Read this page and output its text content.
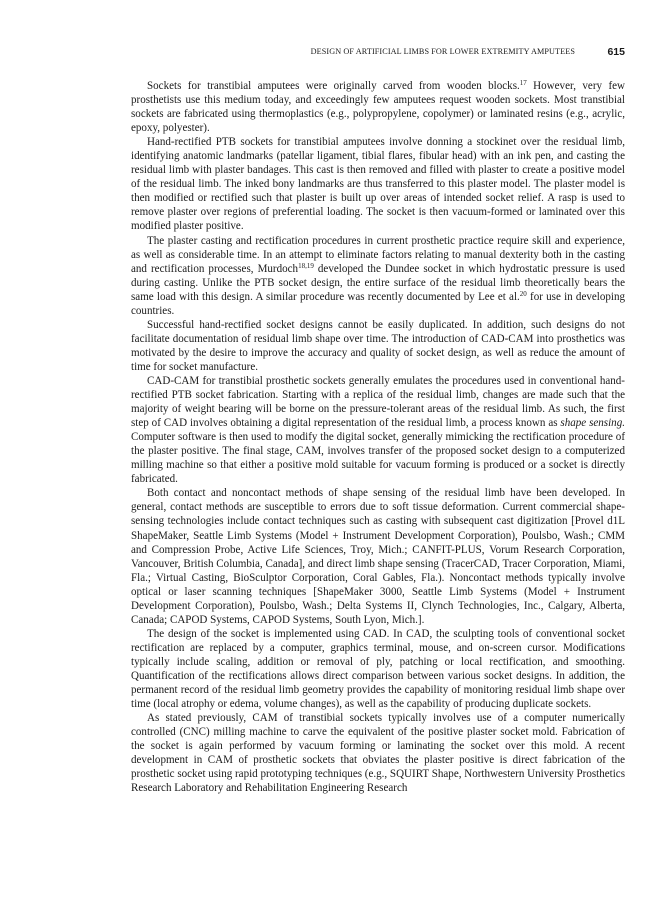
DESIGN OF ARTIFICIAL LIMBS FOR LOWER EXTREMITY AMPUTEES	615

Sockets for transtibial amputees were originally carved from wooden blocks.$^{17}$ However, very few prosthetists use this medium today, and exceedingly few amputees request wooden sockets. Most transtibial sockets are fabricated using thermoplastics (e.g., polypropylene, copolymer) or laminated resins (e.g., acrylic, epoxy, polyester).

Hand-rectified PTB sockets for transtibial amputees involve donning a stockinet over the residual limb, identifying anatomic landmarks (patellar ligament, tibial flares, fibular head) with an ink pen, and casting the residual limb with plaster bandages. This cast is then removed and filled with plaster to create a positive model of the residual limb. The inked bony landmarks are thus transferred to this plaster model. The plaster model is then modified or rectified such that plaster is built up over areas of intended socket relief. A rasp is used to remove plaster over regions of preferential loading. The socket is then vacuum-formed or laminated over this modified plaster positive.

The plaster casting and rectification procedures in current prosthetic practice require skill and experience, as well as considerable time. In an attempt to eliminate factors relating to manual dexterity both in the casting and rectification processes, Murdoch$^{18,19}$ developed the Dundee socket in which hydrostatic pressure is used during casting. Unlike the PTB socket design, the entire surface of the residual limb theoretically bears the same load with this design. A similar procedure was recently documented by Lee et al.$^{20}$ for use in developing countries.

Successful hand-rectified socket designs cannot be easily duplicated. In addition, such designs do not facilitate documentation of residual limb shape over time. The introduction of CAD-CAM into prosthetics was motivated by the desire to improve the accuracy and quality of socket design, as well as reduce the amount of time for socket manufacture.

CAD-CAM for transtibial prosthetic sockets generally emulates the procedures used in conventional hand-rectified PTB socket fabrication. Starting with a replica of the residual limb, changes are made such that the majority of weight bearing will be borne on the pressure-tolerant areas of the residual limb. As such, the first step of CAD involves obtaining a digital representation of the residual limb, a process known as shape sensing. Computer software is then used to modify the digital socket, generally mimicking the rectification procedure of the plaster positive. The final stage, CAM, involves transfer of the proposed socket design to a computerized milling machine so that either a positive mold suitable for vacuum forming is produced or a socket is directly fabricated.

Both contact and noncontact methods of shape sensing of the residual limb have been developed. In general, contact methods are susceptible to errors due to soft tissue deformation. Current commercial shape-sensing technologies include contact techniques such as casting with subsequent cast digitization [Provel d1L ShapeMaker, Seattle Limb Systems (Model + Instrument Development Corporation), Poulsbo, Wash.; CMM and Compression Probe, Active Life Sciences, Troy, Mich.; CANFIT-PLUS, Vorum Research Corporation, Vancouver, British Columbia, Canada], and direct limb shape sensing (TracerCAD, Tracer Corporation, Miami, Fla.; Virtual Casting, BioSculptor Corporation, Coral Gables, Fla.). Noncontact methods typically involve optical or laser scanning techniques [ShapeMaker 3000, Seattle Limb Systems (Model + Instrument Development Corporation), Poulsbo, Wash.; Delta Systems II, Clynch Technologies, Inc., Calgary, Alberta, Canada; CAPOD Systems, CAPOD Systems, South Lyon, Mich.].

The design of the socket is implemented using CAD. In CAD, the sculpting tools of conventional socket rectification are replaced by a computer, graphics terminal, mouse, and on-screen cursor. Modifications typically include scaling, addition or removal of ply, patching or local rectification, and smoothing. Quantification of the rectifications allows direct comparison between various socket designs. In addition, the permanent record of the residual limb geometry provides the capability of monitoring residual limb shape over time (local atrophy or edema, volume changes), as well as the capability of producing duplicate sockets.

As stated previously, CAM of transtibial sockets typically involves use of a computer numerically controlled (CNC) milling machine to carve the equivalent of the positive plaster socket mold. Fabrication of the socket is again performed by vacuum forming or laminating the socket over this mold. A recent development in CAM of prosthetic sockets that obviates the plaster positive is direct fabrication of the prosthetic socket using rapid prototyping techniques (e.g., SQUIRT Shape, Northwestern University Prosthetics Research Laboratory and Rehabilitation Engineering Research
